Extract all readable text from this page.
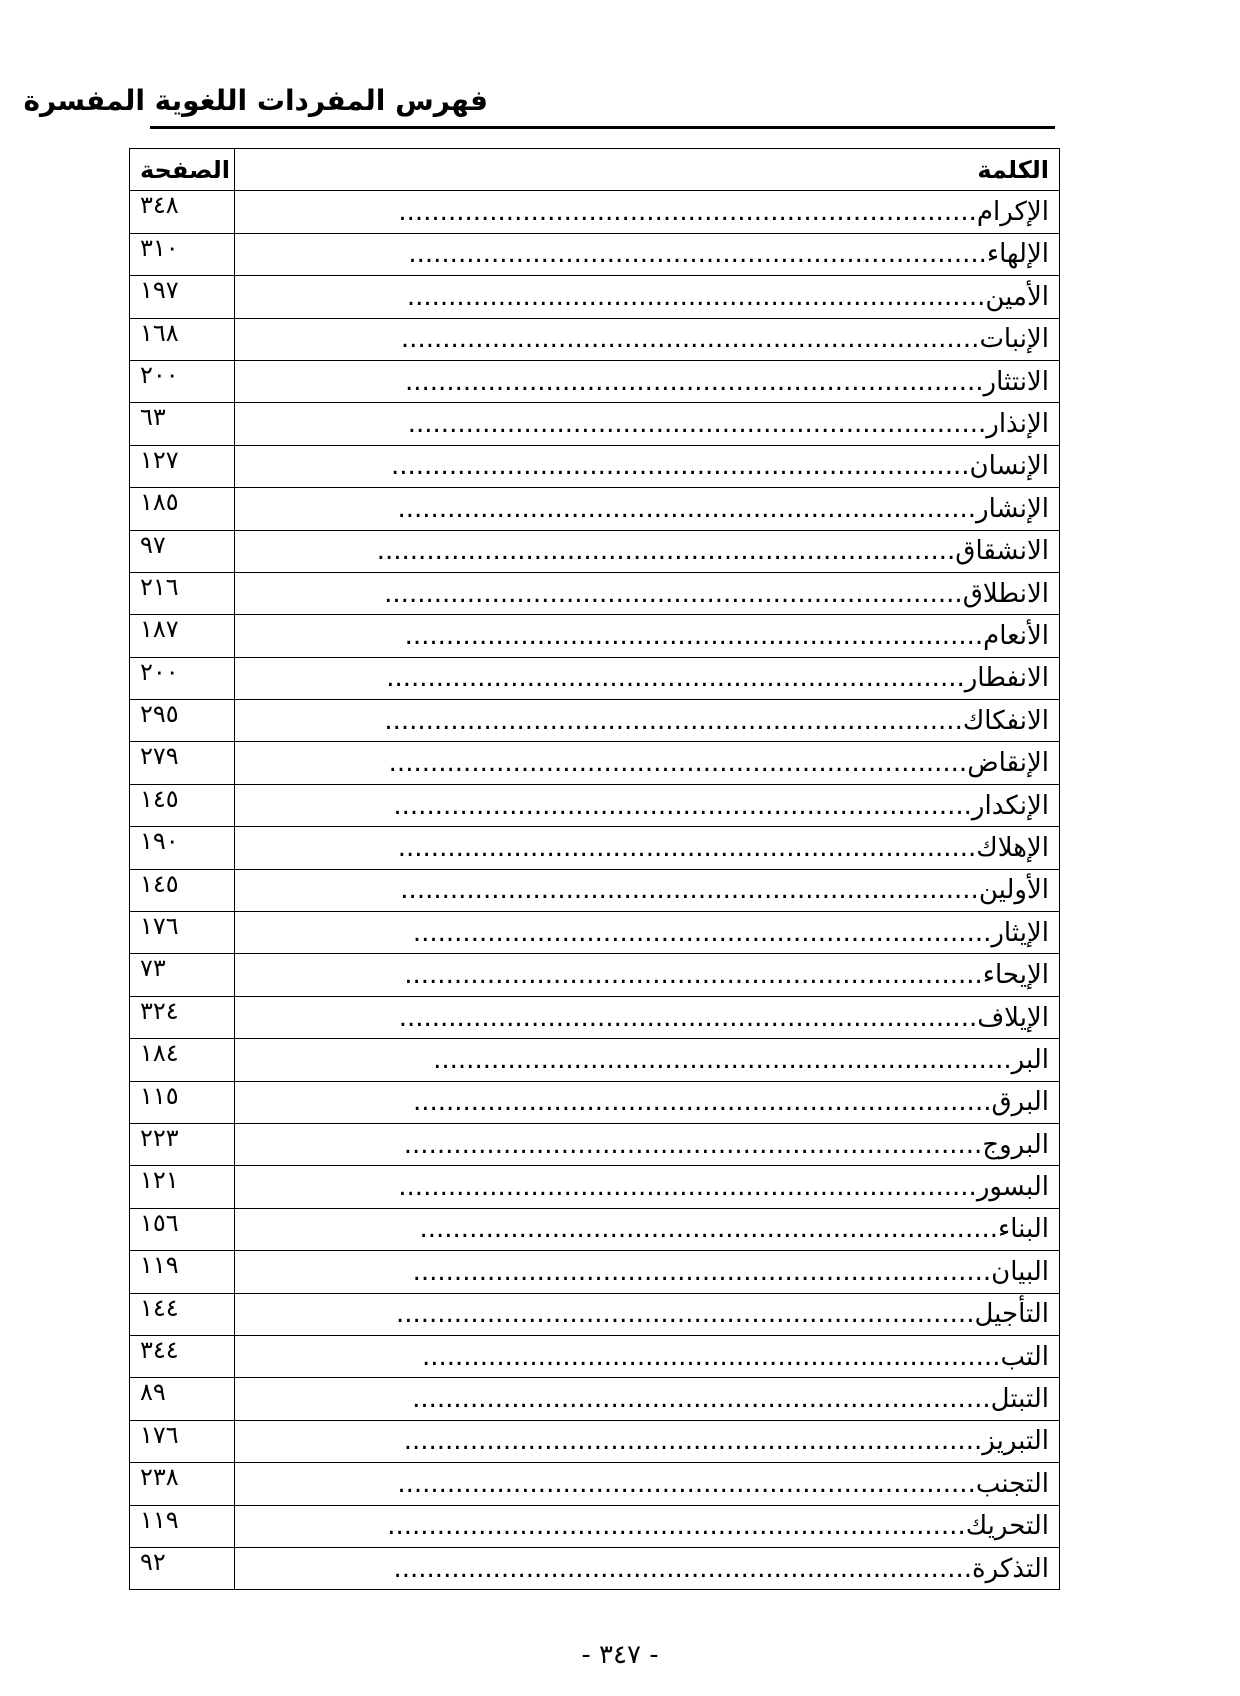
فهرس المفردات اللغوية المفسرة
الكلمة	الصفحة
الإكرام......................................................................	٣٤٨
الإلهاء......................................................................	٣١٠
الأمين......................................................................	١٩٧
الإنبات......................................................................	١٦٨
الانتثار......................................................................	٢٠٠
الإنذار......................................................................	٦٣
الإنسان......................................................................	١٢٧
الإنشار......................................................................	١٨٥
الانشقاق......................................................................	٩٧
الانطلاق......................................................................	٢١٦
الأنعام......................................................................	١٨٧
الانفطار......................................................................	٢٠٠
الانفكاك......................................................................	٢٩٥
الإنقاض......................................................................	٢٧٩
الإنكدار......................................................................	١٤٥
الإهلاك......................................................................	١٩٠
الأولين......................................................................	١٤٥
الإيثار......................................................................	١٧٦
الإيحاء......................................................................	٧٣
الإيلاف......................................................................	٣٢٤
البر......................................................................	١٨٤
البرق......................................................................	١١٥
البروج......................................................................	٢٢٣
البسور......................................................................	١٢١
البناء......................................................................	١٥٦
البيان......................................................................	١١٩
التأجيل......................................................................	١٤٤
التب......................................................................	٣٤٤
التبتل......................................................................	٨٩
التبريز......................................................................	١٧٦
التجنب......................................................................	٢٣٨
التحريك......................................................................	١١٩
التذكرة......................................................................	٩٢
- ٣٤٧ -
